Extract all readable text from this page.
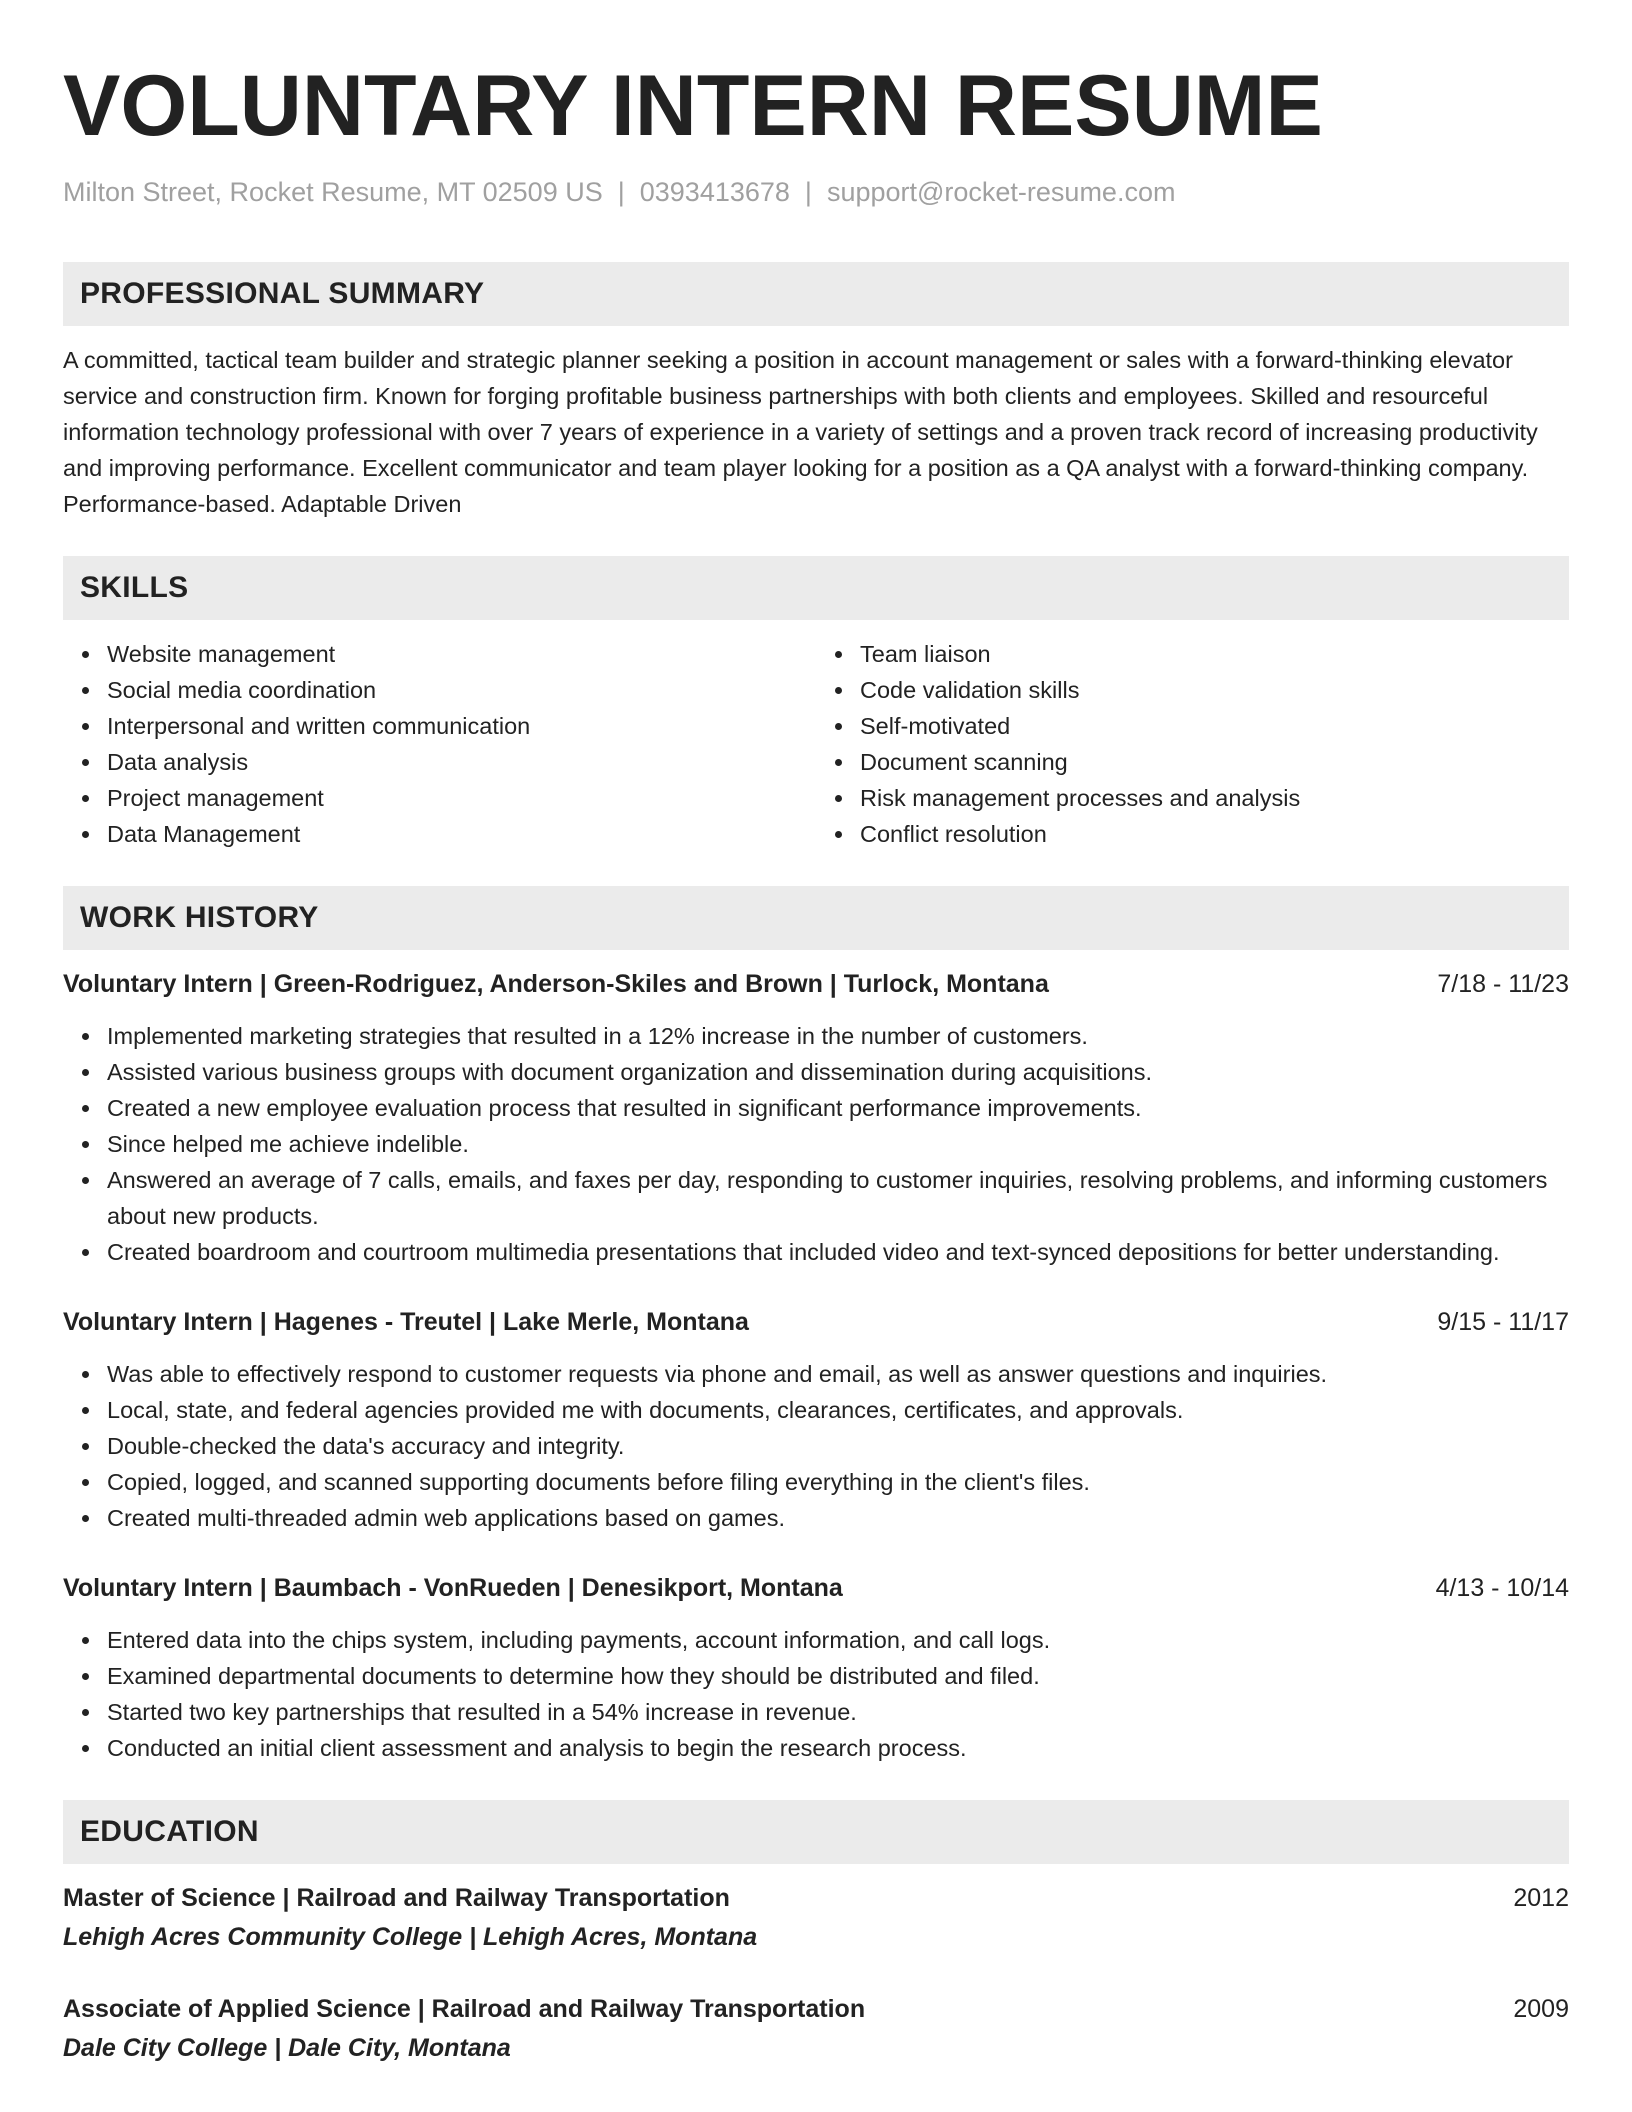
VOLUNTARY INTERN RESUME
Milton Street, Rocket Resume, MT 02509 US | 0393413678 | support@rocket-resume.com
PROFESSIONAL SUMMARY

A committed, tactical team builder and strategic planner seeking a position in account management or sales with a forward-thinking elevator service and construction firm. Known for forging profitable business partnerships with both clients and employees. Skilled and resourceful information technology professional with over 7 years of experience in a variety of settings and a proven track record of increasing productivity and improving performance. Excellent communicator and team player looking for a position as a QA analyst with a forward-thinking company. Performance-based. Adaptable Driven

SKILLS
Website management
Social media coordination
Interpersonal and written communication
Data analysis
Project management
Data Management
Team liaison
Code validation skills
Self-motivated
Document scanning
Risk management processes and analysis
Conflict resolution
WORK HISTORY
Voluntary Intern | Green-Rodriguez, Anderson-Skiles and Brown | Turlock, Montana	7/18 - 11/23
Implemented marketing strategies that resulted in a 12% increase in the number of customers.
Assisted various business groups with document organization and dissemination during acquisitions.
Created a new employee evaluation process that resulted in significant performance improvements.
Since helped me achieve indelible.
Answered an average of 7 calls, emails, and faxes per day, responding to customer inquiries, resolving problems, and informing customers about new products.
Created boardroom and courtroom multimedia presentations that included video and text-synced depositions for better understanding.
Voluntary Intern | Hagenes - Treutel | Lake Merle, Montana	9/15 - 11/17
Was able to effectively respond to customer requests via phone and email, as well as answer questions and inquiries.
Local, state, and federal agencies provided me with documents, clearances, certificates, and approvals.
Double-checked the data's accuracy and integrity.
Copied, logged, and scanned supporting documents before filing everything in the client's files.
Created multi-threaded admin web applications based on games.
Voluntary Intern | Baumbach - VonRueden | Denesikport, Montana	4/13 - 10/14
Entered data into the chips system, including payments, account information, and call logs.
Examined departmental documents to determine how they should be distributed and filed.
Started two key partnerships that resulted in a 54% increase in revenue.
Conducted an initial client assessment and analysis to begin the research process.
EDUCATION
Master of Science | Railroad and Railway Transportation	2012
Lehigh Acres Community College | Lehigh Acres, Montana
Associate of Applied Science | Railroad and Railway Transportation	2009
Dale City College | Dale City, Montana
